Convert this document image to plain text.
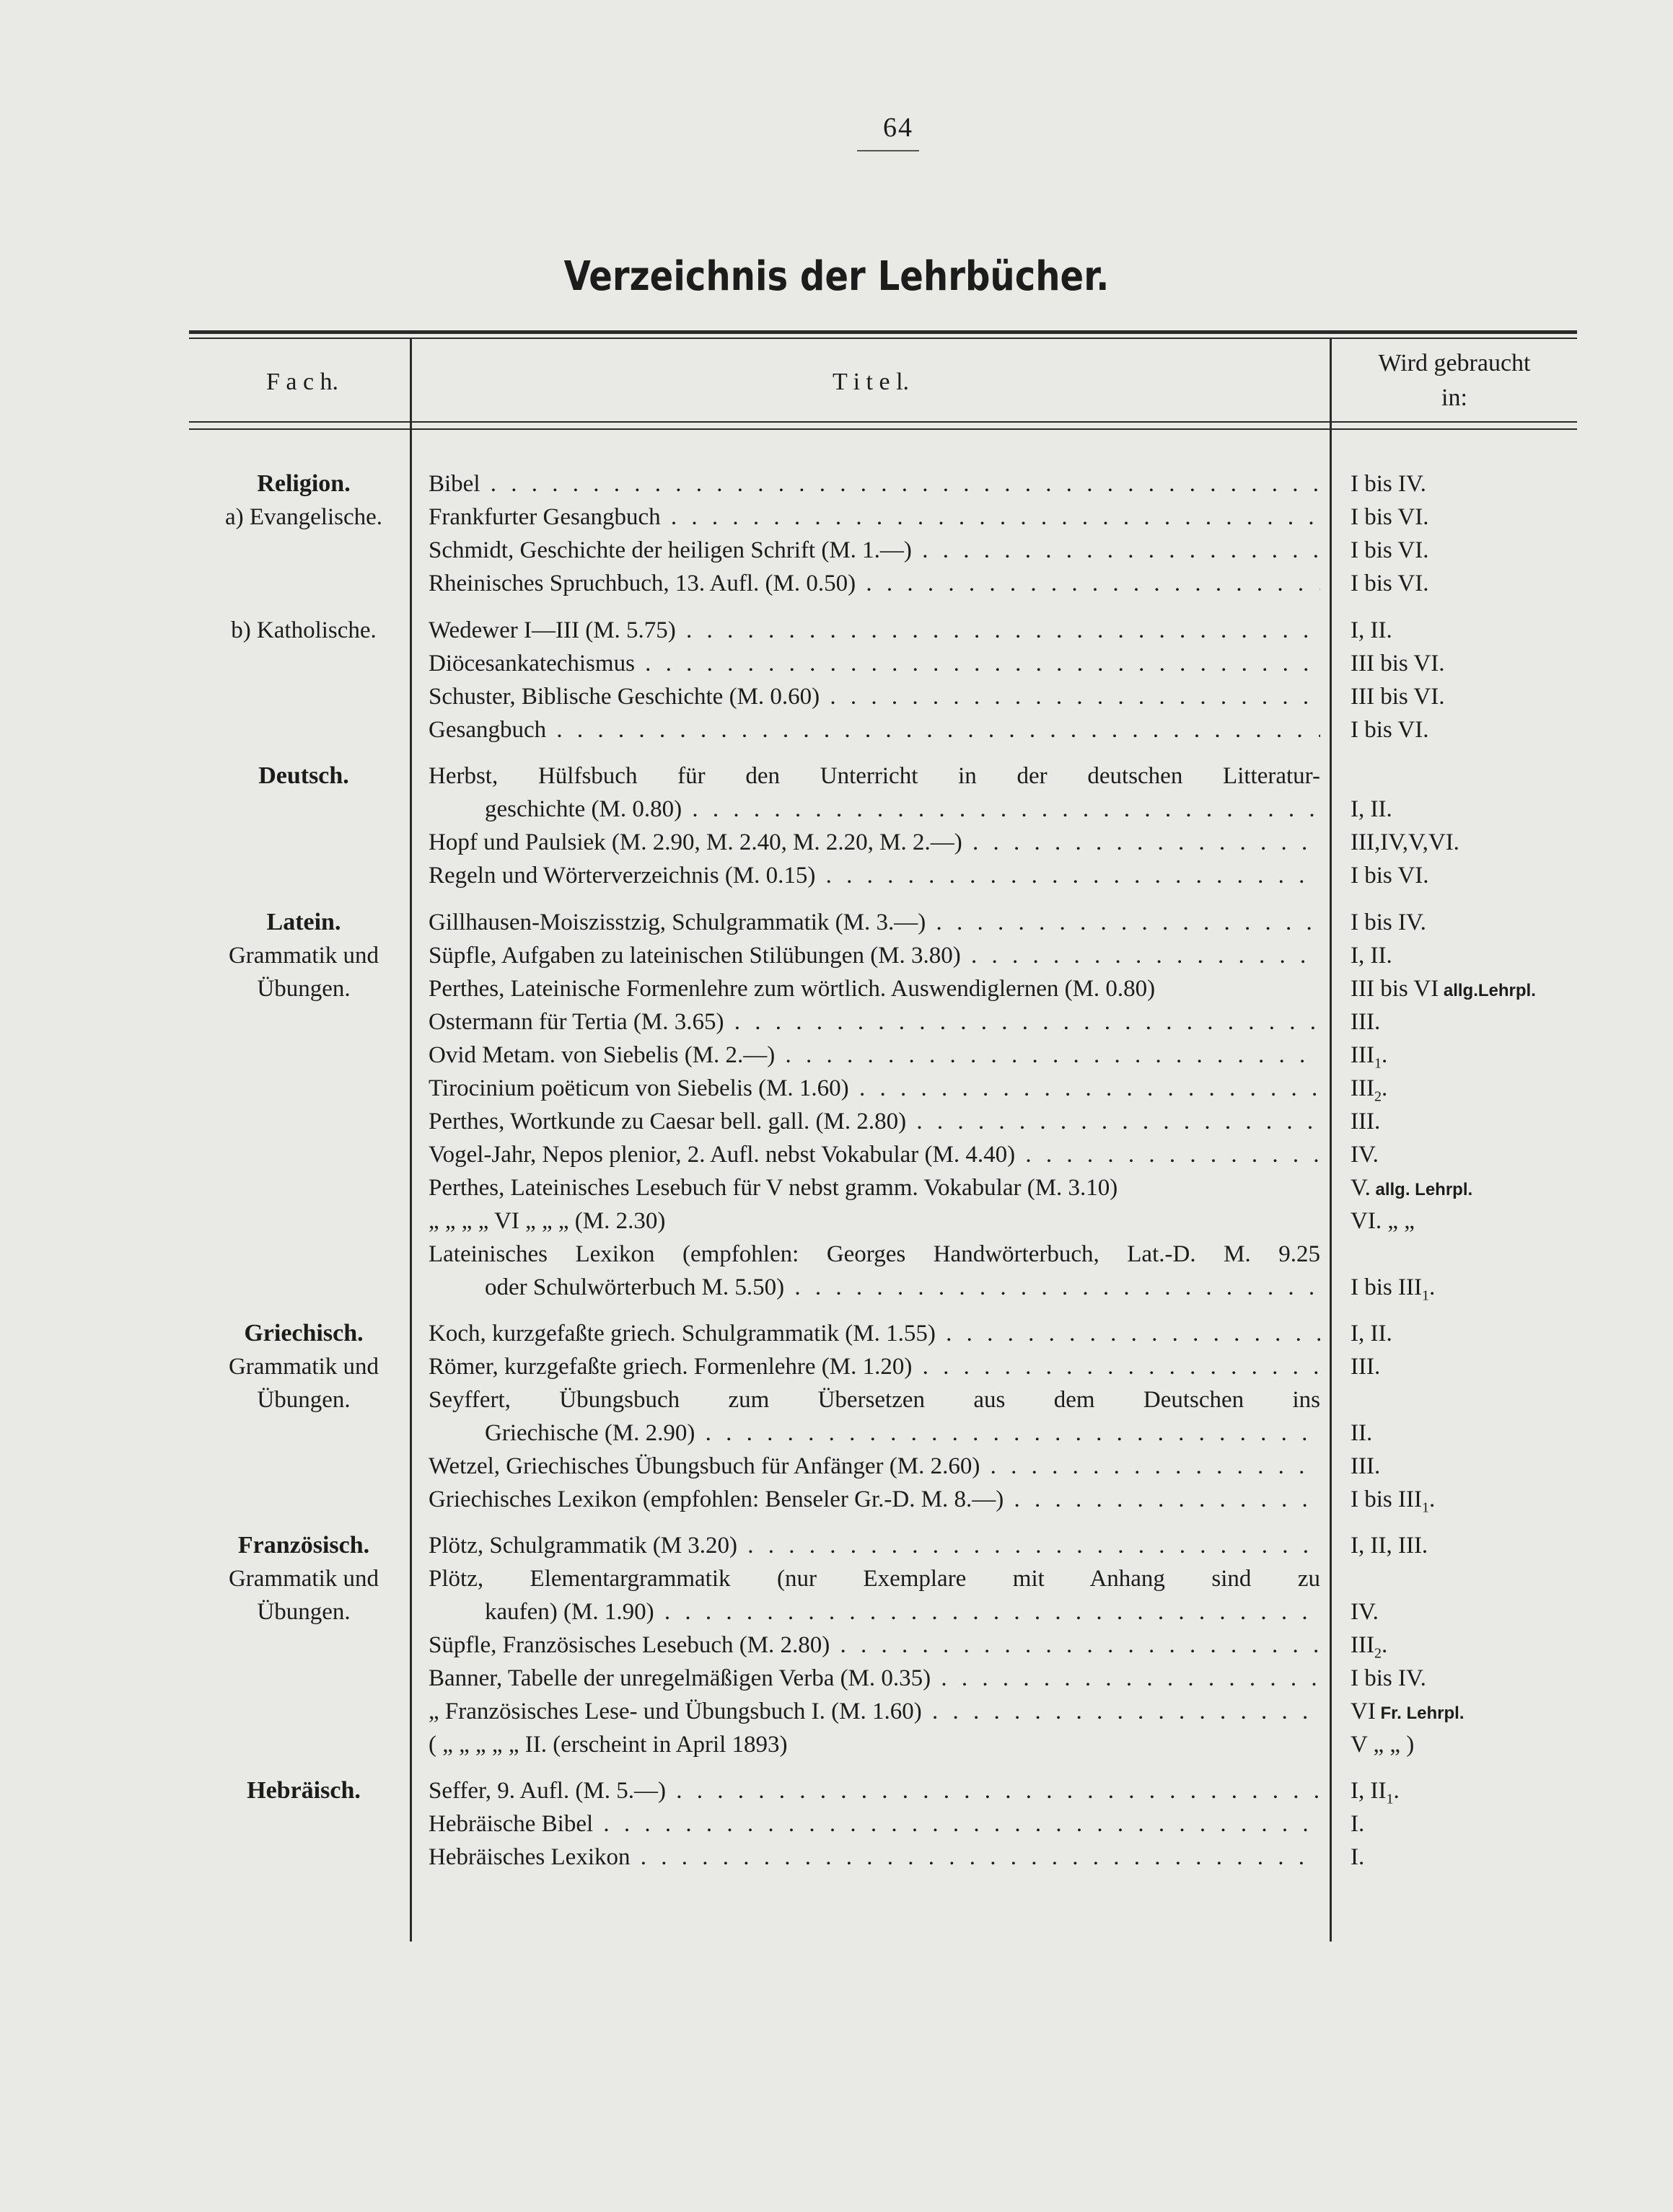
64
Verzeichnis der Lehrbücher.
F a c h.	T i t e l.
Wird gebraucht
in:
Religion.	Bibel . . .	I bis IV.
a) Evangelische.	Frankfurter Gesangbuch . . .	I bis VI.
Schmidt, Geschichte der heiligen Schrift (M. 1.—) . . .	I bis VI.
Rheinisches Spruchbuch, 13. Aufl. (M. 0.50) . . .	I bis VI.
b) Katholische.	Wedewer I—III (M. 5.75) . . .	I, II.
Diöcesankatechismus . . .	III bis VI.
Schuster, Biblische Geschichte (M. 0.60) . . .	III bis VI.
Gesangbuch . . .	I bis VI.
Deutsch.	Herbst, Hülfsbuch für den Unterricht in der deutschen Litteratur-
geschichte (M. 0.80) . . .	I, II.
Hopf und Paulsiek (M. 2.90, M. 2.40, M. 2.20, M. 2.—) . . .	III,IV,V,VI.
Regeln und Wörterverzeichnis (M. 0.15) . . .	I bis VI.
Latein.	Gillhausen-Moiszisstzig, Schulgrammatik (M. 3.—) . . .	I bis IV.
Grammatik und	Süpfle, Aufgaben zu lateinischen Stilübungen (M. 3.80) . . .	I, II.
Übungen.	Perthes, Lateinische Formenlehre zum wörtlich. Auswendiglernen (M. 0.80)	III bis VI allg.Lehrpl.
Ostermann für Tertia (M. 3.65) . . .	III.
Ovid Metam. von Siebelis (M. 2.—) . . .	$III_1$.
Tirocinium poëticum von Siebelis (M. 1.60) . . .	$III_2$.
Perthes, Wortkunde zu Caesar bell. gall. (M. 2.80) . . .	III.
Vogel-Jahr, Nepos plenior, 2. Aufl. nebst Vokabular (M. 4.40) . . .	IV.
Perthes, Lateinisches Lesebuch für V nebst gramm. Vokabular (M. 3.10)	V. allg. Lehrpl.
„ „ „ „ VI „ „ „ (M. 2.30)	VI. „ „
Lateinisches Lexikon (empfohlen: Georges Handwörterbuch, Lat.-D. M. 9.25
oder Schulwörterbuch M. 5.50) . . .	I bis $III_1$.
Griechisch.	Koch, kurzgefaßte griech. Schulgrammatik (M. 1.55) . . .	I, II.
Grammatik und	Römer, kurzgefaßte griech. Formenlehre (M. 1.20) . . .	III.
Übungen.	Seyffert, Übungsbuch zum Übersetzen aus dem Deutschen ins
Griechische (M. 2.90) . . .	II.
Wetzel, Griechisches Übungsbuch für Anfänger (M. 2.60) . . .	III.
Griechisches Lexikon (empfohlen: Benseler Gr.-D. M. 8.—) . . .	I bis $III_1$.
Französisch.	Plötz, Schulgrammatik (M 3.20) . . .	I, II, III.
Grammatik und	Plötz, Elementargrammatik (nur Exemplare mit Anhang sind zu
Übungen.	kaufen) (M. 1.90) . . .	IV.
Süpfle, Französisches Lesebuch (M. 2.80) . . .	$III_2$.
Banner, Tabelle der unregelmäßigen Verba (M. 0.35) . . .	I bis IV.
„ Französisches Lese- und Übungsbuch I. (M. 1.60) . . .	VI Fr. Lehrpl.
( „ „ „ „ „ II. (erscheint in April 1893)	V „ „ )
Hebräisch.	Seffer, 9. Aufl. (M. 5.—) . . .	I, $II_1$.
Hebräische Bibel . . .	I.
Hebräisches Lexikon . . .	I.
